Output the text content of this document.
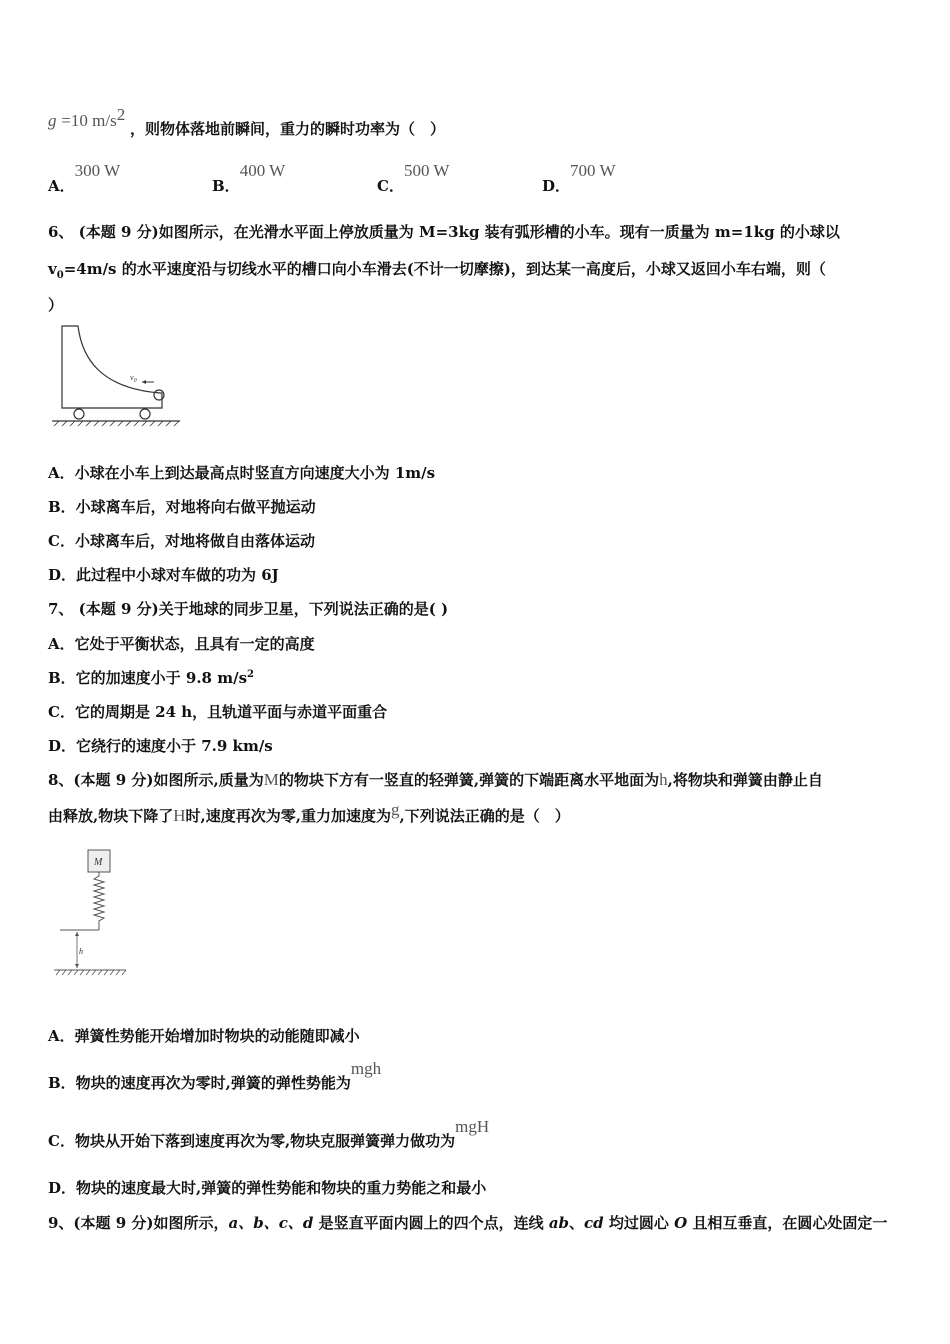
g =10 $m/s^2$ ，则物体落地前瞬间，重力的瞬时功率为（　）
A．300 W
B．400 W
C．500 W
D．700 W
6、 (本题 9 分)如图所示，在光滑水平面上停放质量为 M=3kg 装有弧形槽的小车。现有一质量为 m=1kg 的小球以
$v_0=4m/s$ 的水平速度沿与切线水平的槽口向小车滑去(不计一切摩擦)，到达某一高度后，小球又返回小车右端，则（
）
$v_0$
A．小球在小车上到达最高点时竖直方向速度大小为 1m/s
B．小球离车后，对地将向右做平抛运动
C．小球离车后，对地将做自由落体运动
D．此过程中小球对车做的功为 6J
7、 (本题 9 分)关于地球的同步卫星，下列说法正确的是( )
A．它处于平衡状态，且具有一定的高度
B．它的加速度小于 9.8 $m/s^2$
C．它的周期是 24 h，且轨道平面与赤道平面重合
D．它绕行的速度小于 7.9 km/s
8、(本题 9 分)如图所示,质量为M的物块下方有一竖直的轻弹簧,弹簧的下端距离水平地面为h,将物块和弹簧由静止自
由释放,物块下降了H时,速度再次为零,重力加速度为g,下列说法正确的是（　）
M
h
A．弹簧性势能开始增加时物块的动能随即减小
B．物块的速度再次为零时,弹簧的弹性势能为mgh
C．物块从开始下落到速度再次为零,物块克服弹簧弹力做功为mgH
D．物块的速度最大时,弹簧的弹性势能和物块的重力势能之和最小
9、(本题 9 分)如图所示，a、b、c、d 是竖直平面内圆上的四个点，连线 ab、cd 均过圆心 O 且相互垂直，在圆心处固定一
